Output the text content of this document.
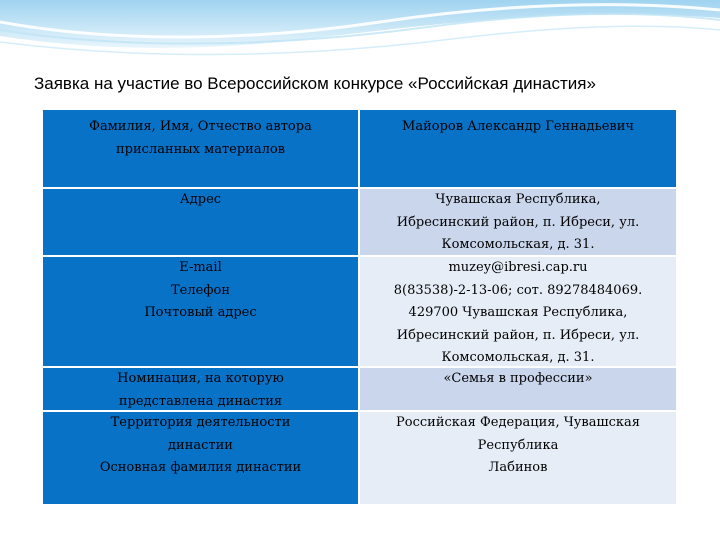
Заявка на участие во Всероссийском конкурсе «Российская династия»
Фамилия, Имя, Отчество автора
присланных материалов
Майоров Александр Геннадьевич
Адрес	Чувашская Республика,
Ибресинский район, п. Ибреси, ул.
Комсомольская, д. 31.
E-mail
Телефон
Почтовый адрес
muzey@ibresi.cap.ru
8(83538)-2-13-06; сот. 89278484069.
429700 Чувашская Республика,
Ибресинский район, п. Ибреси, ул.
Комсомольская, д. 31.
Номинация, на которую
представлена династия
«Семья в профессии»
Территория деятельности
династии
Основная фамилия династии
Российская Федерация, Чувашская
Республика
Лабинов
